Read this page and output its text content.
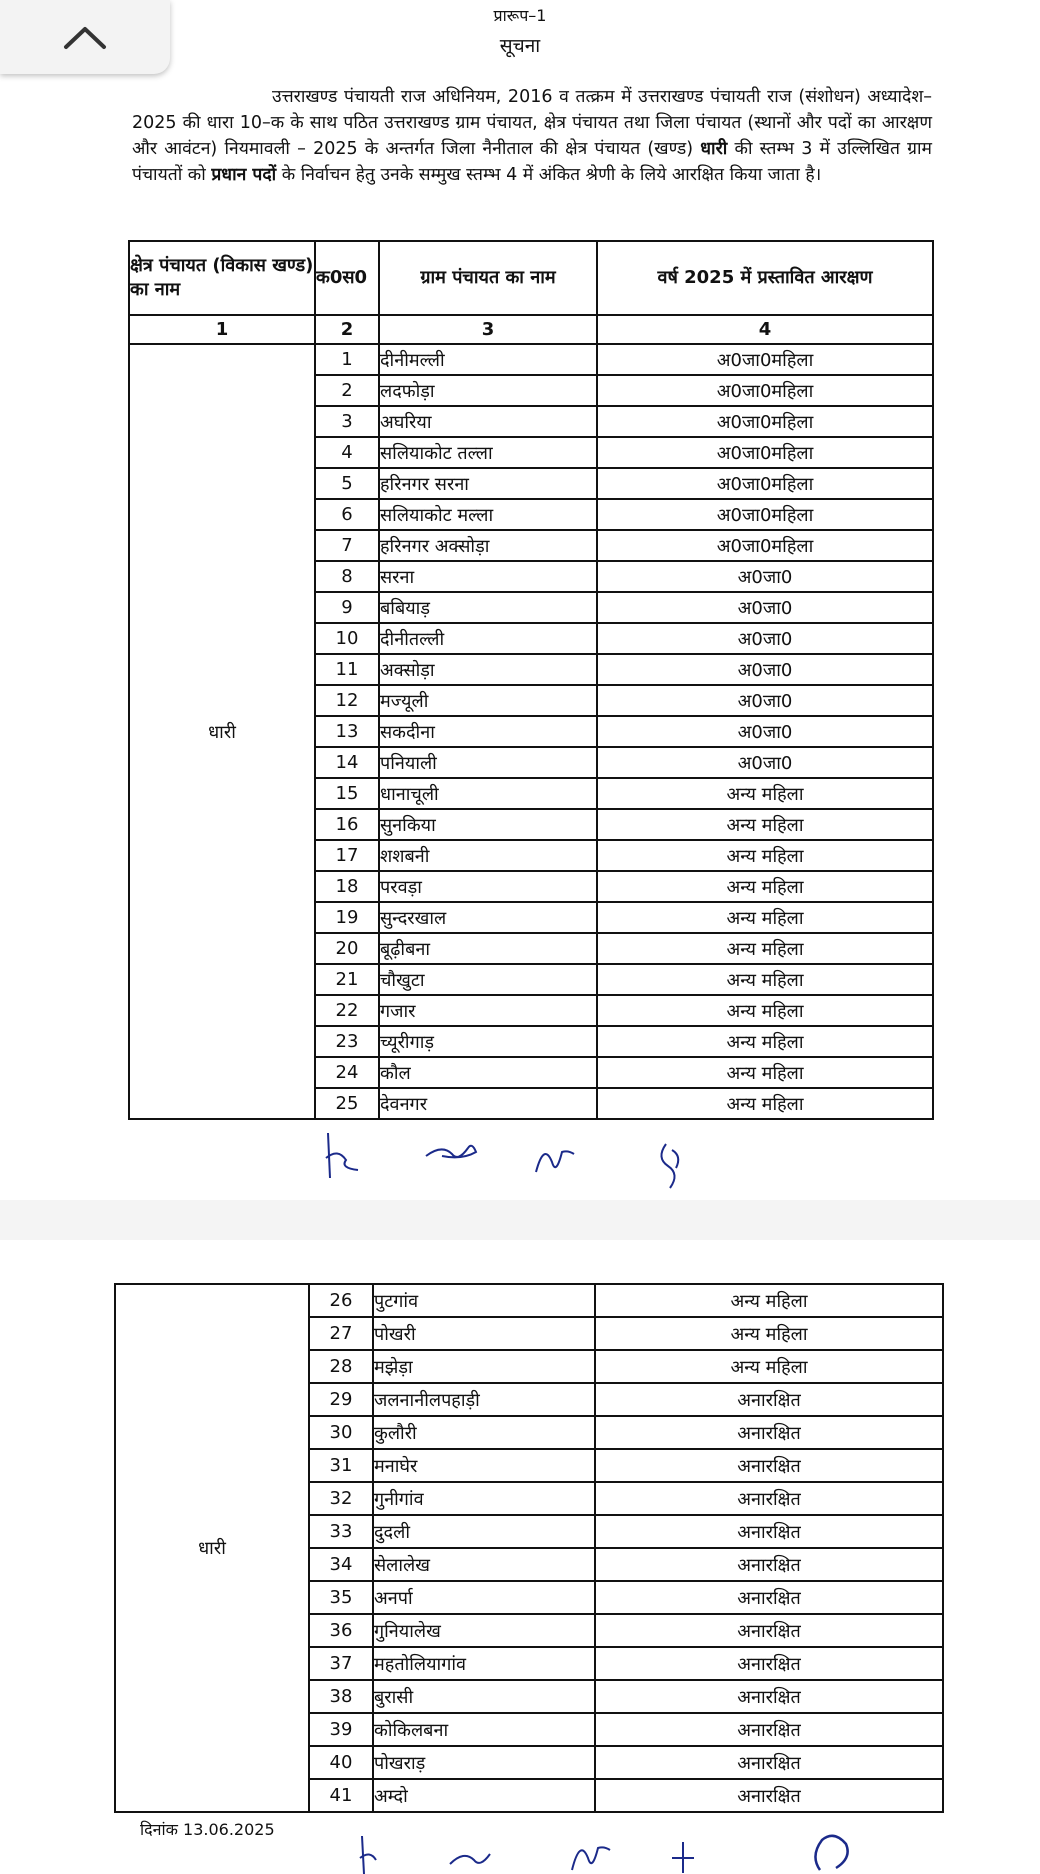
प्रारूप–1
सूचना
उत्तराखण्ड पंचायती राज अधिनियम, 2016 व तत्क्रम में उत्तराखण्ड पंचायती राज (संशोधन) अध्यादेश–2025 की धारा 10–क के साथ पठित उत्तराखण्ड ग्राम पंचायत, क्षेत्र पंचायत तथा जिला पंचायत (स्थानों और पदों का आरक्षण और आवंटन) नियमावली – 2025 के अन्तर्गत जिला नैनीताल की क्षेत्र पंचायत (खण्ड) धारी की स्तम्भ 3 में उल्लिखित ग्राम पंचायतों को प्रधान पदों के निर्वाचन हेतु उनके सम्मुख स्तम्भ 4 में अंकित श्रेणी के लिये आरक्षित किया जाता है।
क्षेत्र पंचायत (विकास खण्ड) का नाम	क0स0	ग्राम पंचायत का नाम	वर्ष 2025 में प्रस्तावित आरक्षण
1	2	3	4
धारी	1	दीनीमल्ली	अ0जा0महिला
	2	लदफोड़ा	अ0जा0महिला
	3	अघरिया	अ0जा0महिला
	4	सलियाकोट तल्ला	अ0जा0महिला
	5	हरिनगर सरना	अ0जा0महिला
	6	सलियाकोट मल्ला	अ0जा0महिला
	7	हरिनगर अक्सोड़ा	अ0जा0महिला
	8	सरना	अ0जा0
	9	बबियाड़	अ0जा0
	10	दीनीतल्ली	अ0जा0
	11	अक्सोड़ा	अ0जा0
	12	मज्यूली	अ0जा0
	13	सकदीना	अ0जा0
	14	पनियाली	अ0जा0
	15	धानाचूली	अन्य महिला
	16	सुनकिया	अन्य महिला
	17	शशबनी	अन्य महिला
	18	परवड़ा	अन्य महिला
	19	सुन्दरखाल	अन्य महिला
	20	बूढ़ीबना	अन्य महिला
	21	चौखुटा	अन्य महिला
	22	गजार	अन्य महिला
	23	च्यूरीगाड़	अन्य महिला
	24	कौल	अन्य महिला
	25	देवनगर	अन्य महिला
दिनांक 13.06.2025
धारी	26	पुटगांव	अन्य महिला
	27	पोखरी	अन्य महिला
	28	मझेड़ा	अन्य महिला
	29	जलनानीलपहाड़ी	अनारक्षित
	30	कुलौरी	अनारक्षित
	31	मनाघेर	अनारक्षित
	32	गुनीगांव	अनारक्षित
	33	दुदली	अनारक्षित
	34	सेलालेख	अनारक्षित
	35	अनर्पा	अनारक्षित
	36	गुनियालेख	अनारक्षित
	37	महतोलियागांव	अनारक्षित
	38	बुरासी	अनारक्षित
	39	कोकिलबना	अनारक्षित
	40	पोखराड़	अनारक्षित
	41	अम्दो	अनारक्षित
